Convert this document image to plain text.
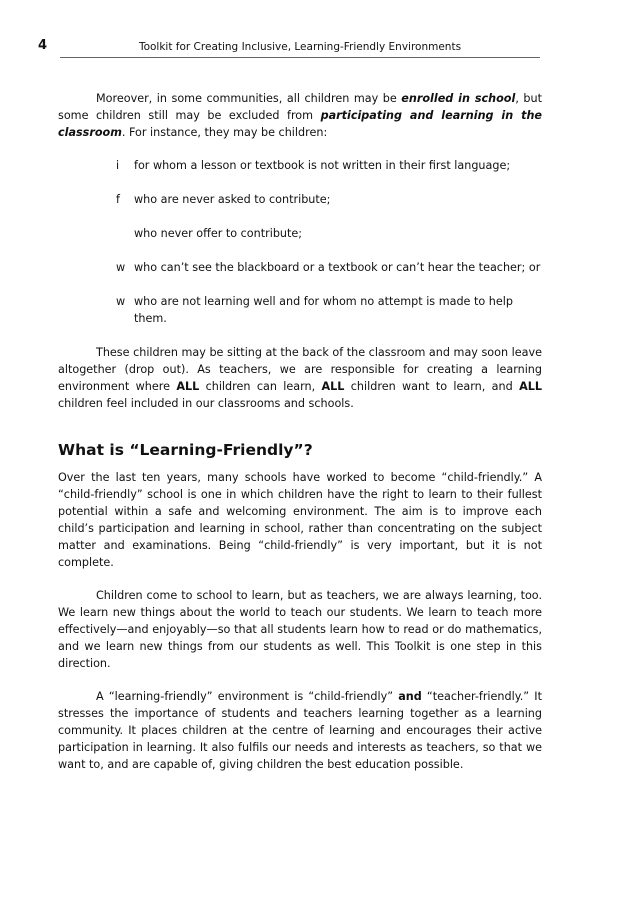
4	Toolkit for Creating Inclusive, Learning-Friendly Environments

Moreover, in some communities, all children may be enrolled in school, but some children still may be excluded from participating and learning in the classroom. For instance, they may be children:

i	for whom a lesson or textbook is not written in their first language;
f	who are never asked to contribute;
who never offer to contribute;
w who can’t see the blackboard or a textbook or can’t hear the teacher; or
w who are not learning well and for whom no attempt is made to help them.

These children may be sitting at the back of the classroom and may soon leave altogether (drop out). As teachers, we are responsible for creating a learning environment where ALL children can learn, ALL children want to learn, and ALL children feel included in our classrooms and schools.

What is “Learning-Friendly”?

Over the last ten years, many schools have worked to become “child-friendly.” A “child-friendly” school is one in which children have the right to learn to their fullest potential within a safe and welcoming environment. The aim is to improve each child’s participation and learning in school, rather than concentrating on the subject matter and examinations. Being “child-friendly” is very important, but it is not complete.

Children come to school to learn, but as teachers, we are always learning, too. We learn new things about the world to teach our students. We learn to teach more effectively—and enjoyably—so that all students learn how to read or do mathematics, and we learn new things from our students as well. This Toolkit is one step in this direction.

A “learning-friendly” environment is “child-friendly” and “teacher-friendly.” It stresses the importance of students and teachers learning together as a learning community. It places children at the centre of learning and encourages their active participation in learning. It also fulfils our needs and interests as teachers, so that we want to, and are capable of, giving children the best education possible.
